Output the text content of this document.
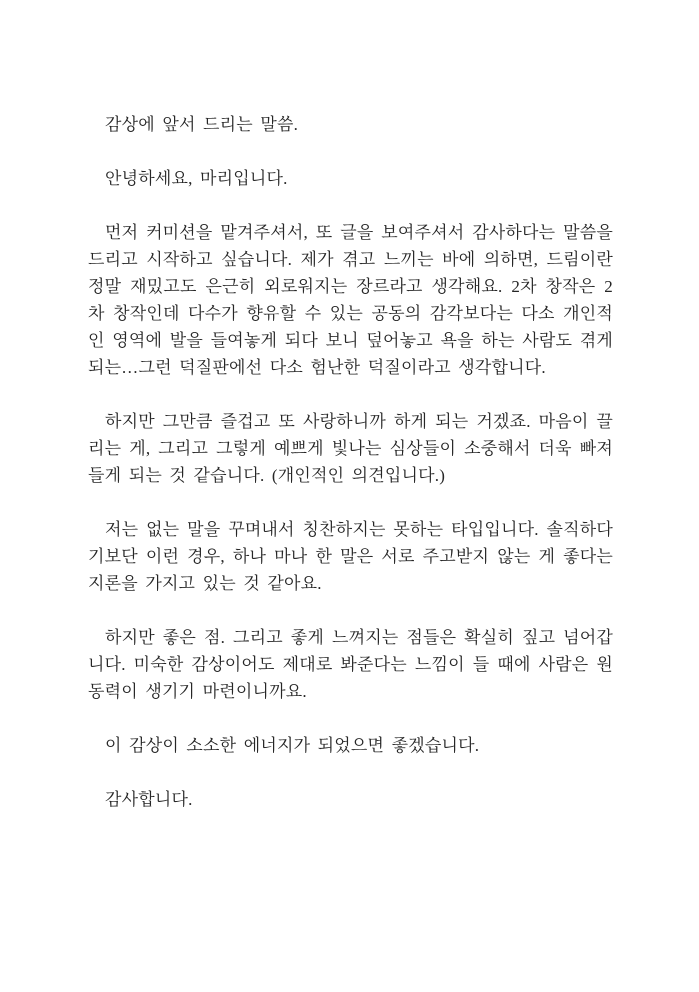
감상에 앞서 드리는 말씀.

안녕하세요, 마리입니다.

먼저 커미션을 맡겨주셔서, 또 글을 보여주셔서 감사하다는 말씀을 드리고 시작하고 싶습니다. 제가 겪고 느끼는 바에 의하면, 드림이란 정말 재밌고도 은근히 외로워지는 장르라고 생각해요. 2차 창작은 2차 창작인데 다수가 향유할 수 있는 공동의 감각보다는 다소 개인적인 영역에 발을 들여놓게 되다 보니 덮어놓고 욕을 하는 사람도 겪게 되는…그런 덕질판에선 다소 험난한 덕질이라고 생각합니다.

하지만 그만큼 즐겁고 또 사랑하니까 하게 되는 거겠죠. 마음이 끌리는 게, 그리고 그렇게 예쁘게 빛나는 심상들이 소중해서 더욱 빠져들게 되는 것 같습니다. (개인적인 의견입니다.)

저는 없는 말을 꾸며내서 칭찬하지는 못하는 타입입니다. 솔직하다기보단 이런 경우, 하나 마나 한 말은 서로 주고받지 않는 게 좋다는 지론을 가지고 있는 것 같아요.

하지만 좋은 점. 그리고 좋게 느껴지는 점들은 확실히 짚고 넘어갑니다. 미숙한 감상이어도 제대로 봐준다는 느낌이 들 때에 사람은 원동력이 생기기 마련이니까요.

이 감상이 소소한 에너지가 되었으면 좋겠습니다.

감사합니다.
